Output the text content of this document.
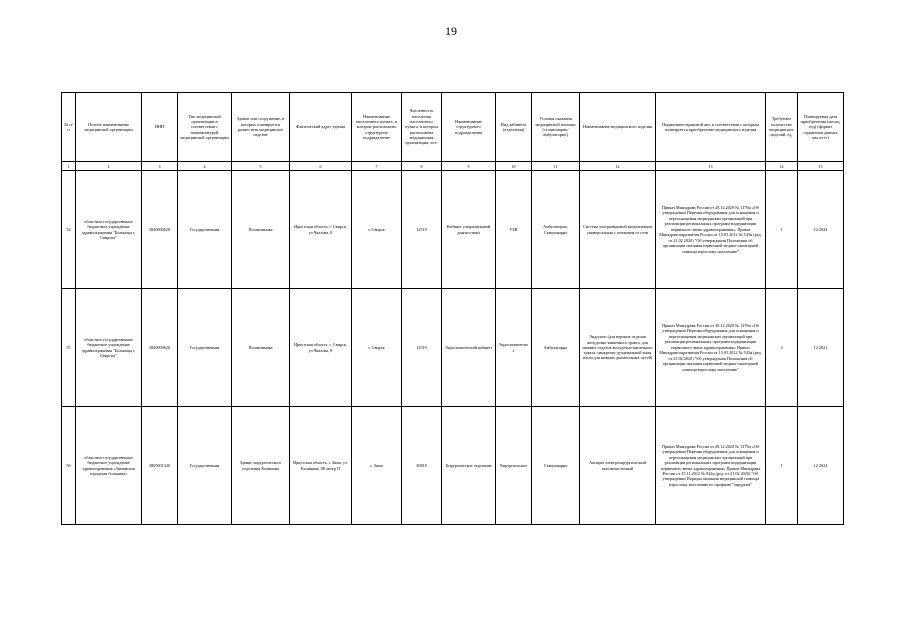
19
№ п/п	Полное наименование медицинской организации	ИНН	Тип медицинской организации в соответствии с номенклатурой медицинской организации	Здание или сооружение, в которых планируется разместить медицинское изделие	Фактический адрес здания	Наименование населенного пункта, в котором расположено структурное подразделение	Численность населения населенного пункта, в котором расположена медицинская организация, чел.	Наименование структурного подразделения	Вид кабинета (отделения)	Условия оказания медицинской помощи (стационарно/амбулаторно)	Наименование медицинского изделия	Нормативно-правовой акт, в соответствии с которым планируется приобретение медицинского изделия	Требуемое количество медицинских изделий, ед.	Планируемая дата приобретения (месяц, год) (формат отражения данных мм.ггггг)
1	2	3	4	5	6	7	8	9	10	11	12	13	14	15
54	областное государственное бюджетное учреждение здравоохранения "Больница г. Свирска"	3820000620	Государственная	Поликлиника	Иркутская область, г. Свирск, ул.Чкалова, 8	г. Свирск	12519	Кабинет ультразвуковой диагностики	УЗИ	Амбулаторно, Стационарно	Система ультразвуковой визуализации универсальная с питанием от сети	Приказ Минздрава России от 28.12.2020 № 1379н «Об утверждении Перечня оборудования для оснащения и переоснащения медицинских организаций при реализации региональных программ модернизации первичного звена здравоохранения», Приказ Минздравсоцразвития России от 15.05.2012 № 543н (ред. от 21.02.2020) "Об утверждении Положения об организации оказания первичной медико-санитарной помощи взрослому населению"	1	12.2024
55	областное государственное бюджетное учреждение здравоохранения "Больница г. Свирска"	3820000620	Государственная	Поликлиника	Иркутская область, г. Свирск, ул.Чкалова, 8	г. Свирск	12519	Эндоскопический кабинет	Эндоскопическое	Амбулаторно	Эндоскоп (для верхних отделов желудочно-кишечного тракта, для нижних отделов желудочно-кишечного тракта, панкреато-дуоденальной зоны и/или для нижних дыхательных путей)	Приказ Минздрава России от 28.12.2020 № 1379н «Об утверждении Перечня оборудования для оснащения и переоснащения медицинских организаций при реализации региональных программ модернизации первичного звена здравоохранения» Приказ Минздравсоцразвития России от 15.05.2012 № 543н (ред. от 21.02.2020) "Об утверждении Положения об организации оказания первичной медико-санитарной помощи взрослому населению"	3	12.2021
56	областное государственное бюджетное учреждение здравоохранения «Зиминская городская больница»	3805001340	Государственная	Здание хирургического отделения Калинина	Иркутская область, г. Зима, ул. Калинина, 88 литер П	г. Зима	30818	Хирургическое отделение	Хирургическое	Стационарно	Аппарат электрохирургический высокочастотный	Приказ Минздрава России от 28.12.2020 № 1379н «Об утверждении Перечня оборудования для оснащения и переоснащения медицинских организаций при реализации региональных программ модернизации первичного звена здравоохранения» Приказ Минздрава России от 15.11.2012 № 922н (ред. от 21.02.2020) "Об утверждении Порядка оказания медицинской помощи взрослому населению по профилю "хирургия"	1	12.2024
